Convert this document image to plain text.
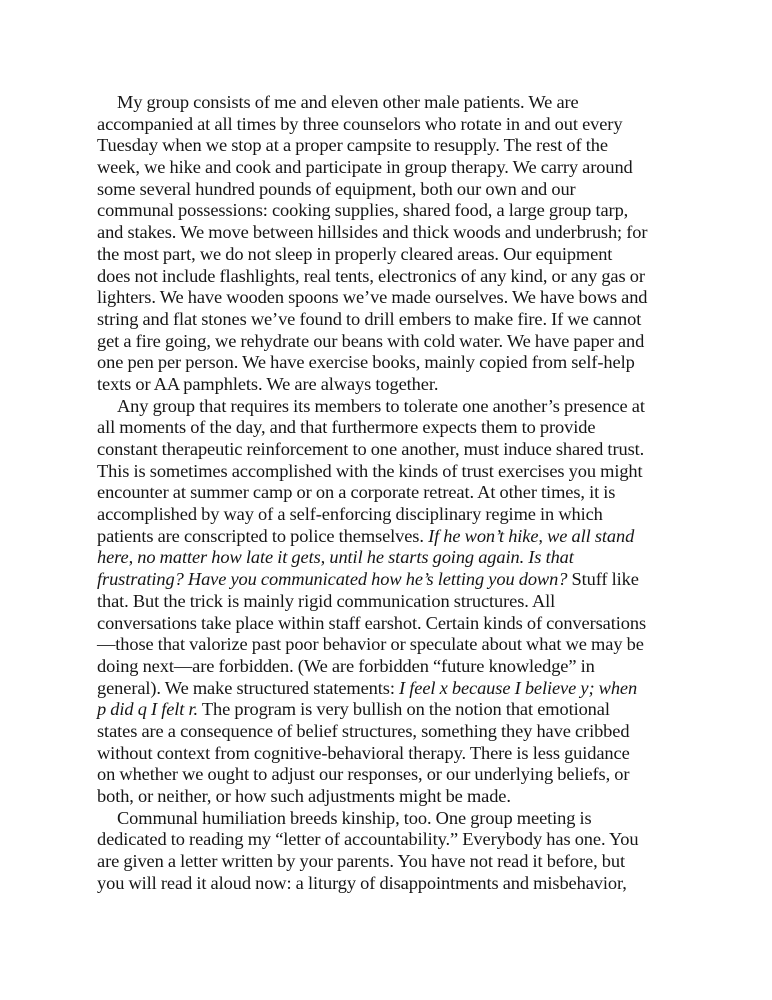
My group consists of me and eleven other male patients. We are
accompanied at all times by three counselors who rotate in and out every
Tuesday when we stop at a proper campsite to resupply. The rest of the
week, we hike and cook and participate in group therapy. We carry around
some several hundred pounds of equipment, both our own and our
communal possessions: cooking supplies, shared food, a large group tarp,
and stakes. We move between hillsides and thick woods and underbrush; for
the most part, we do not sleep in properly cleared areas. Our equipment
does not include flashlights, real tents, electronics of any kind, or any gas or
lighters. We have wooden spoons we’ve made ourselves. We have bows and
string and flat stones we’ve found to drill embers to make fire. If we cannot
get a fire going, we rehydrate our beans with cold water. We have paper and
one pen per person. We have exercise books, mainly copied from self-help
texts or AA pamphlets. We are always together.
Any group that requires its members to tolerate one another’s presence at
all moments of the day, and that furthermore expects them to provide
constant therapeutic reinforcement to one another, must induce shared trust.
This is sometimes accomplished with the kinds of trust exercises you might
encounter at summer camp or on a corporate retreat. At other times, it is
accomplished by way of a self-enforcing disciplinary regime in which
patients are conscripted to police themselves. If he won’t hike, we all stand
here, no matter how late it gets, until he starts going again. Is that
frustrating? Have you communicated how he’s letting you down? Stuff like
that. But the trick is mainly rigid communication structures. All
conversations take place within staff earshot. Certain kinds of conversations
—those that valorize past poor behavior or speculate about what we may be
doing next—are forbidden. (We are forbidden “future knowledge” in
general). We make structured statements: I feel x because I believe y; when
p did q I felt r. The program is very bullish on the notion that emotional
states are a consequence of belief structures, something they have cribbed
without context from cognitive-behavioral therapy. There is less guidance
on whether we ought to adjust our responses, or our underlying beliefs, or
both, or neither, or how such adjustments might be made.
Communal humiliation breeds kinship, too. One group meeting is
dedicated to reading my “letter of accountability.” Everybody has one. You
are given a letter written by your parents. You have not read it before, but
you will read it aloud now: a liturgy of disappointments and misbehavior,
